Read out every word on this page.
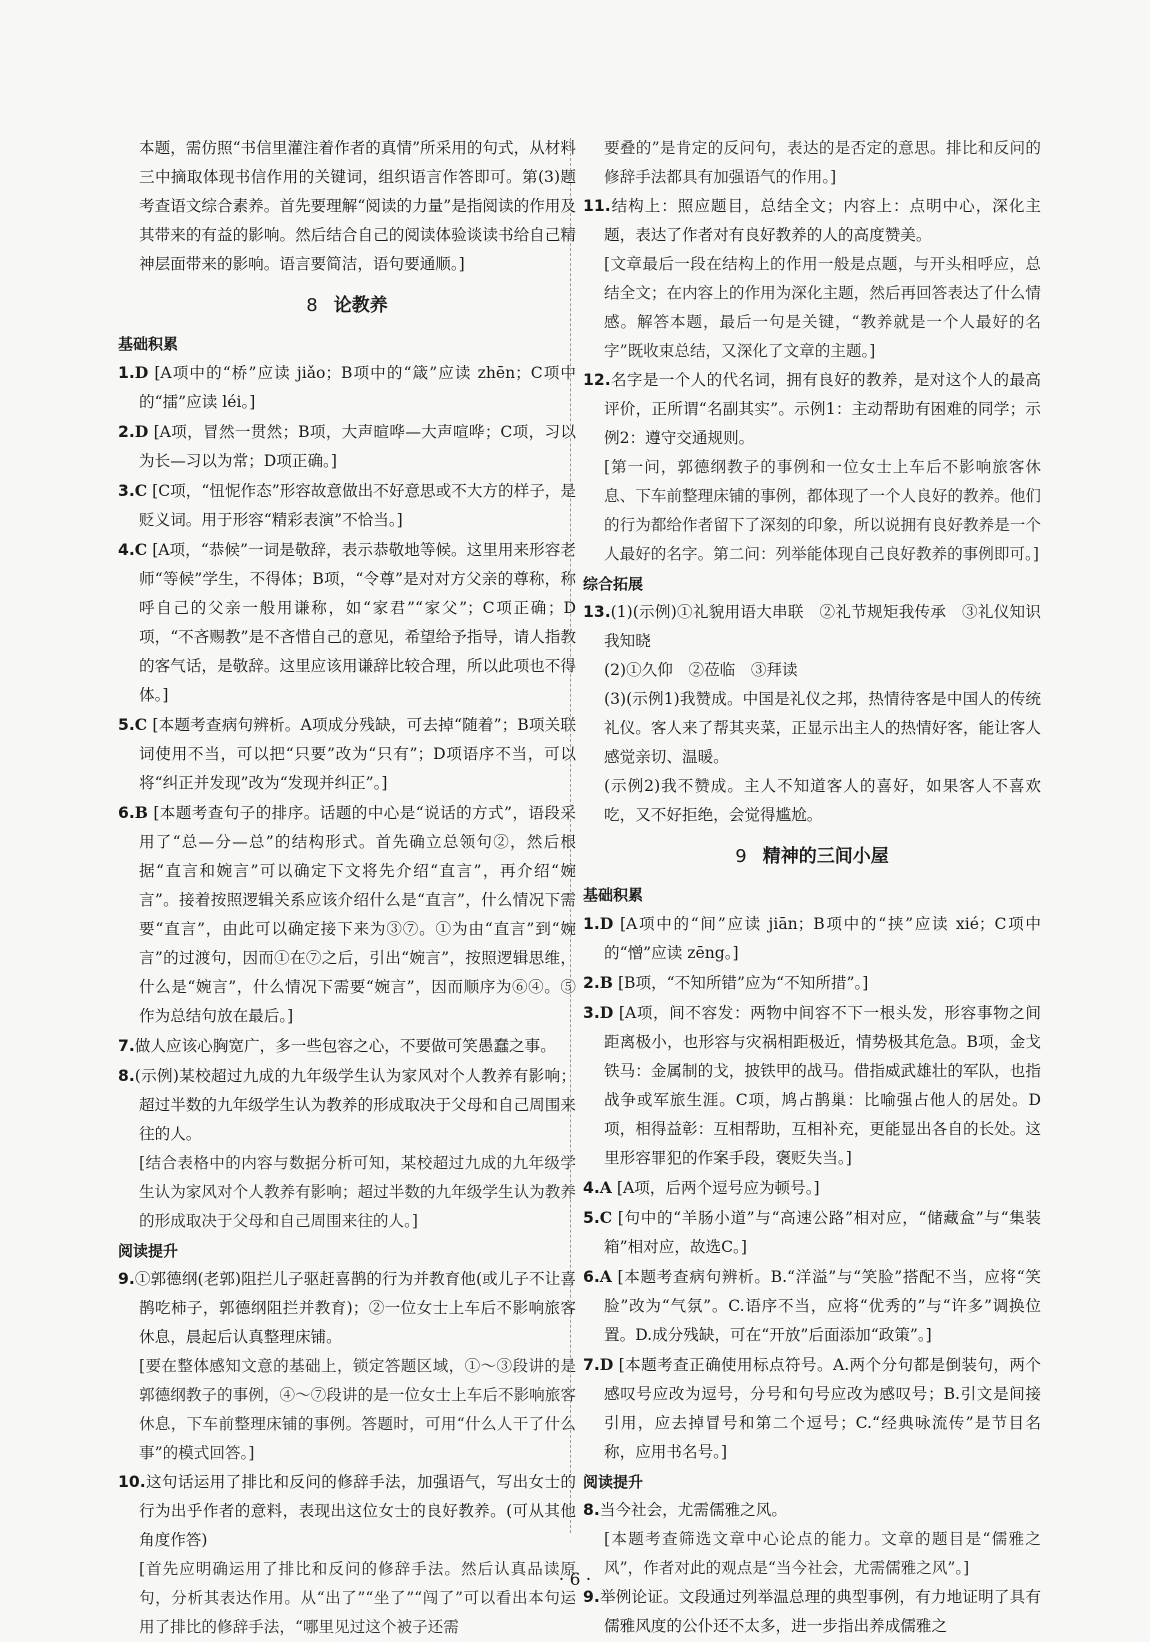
本题，需仿照“书信里灌注着作者的真情”所采用的句式，从材料三中摘取体现书信作用的关键词，组织语言作答即可。第(3)题考查语文综合素养。首先要理解“阅读的力量”是指阅读的作用及其带来的有益的影响。然后结合自己的阅读体验谈读书给自己精神层面带来的影响。语言要简洁，语句要通顺。]

8 论教养
基础积累

1.D [A项中的“桥”应读 jiǎo；B项中的“箴”应读 zhēn；C项中的“擂”应读 léi。]

2.D [A项，冒然一贯然；B项，大声暄哗—大声喧哗；C项，习以为长—习以为常；D项正确。]

3.C [C项，“忸怩作态”形容故意做出不好意思或不大方的样子，是贬义词。用于形容“精彩表演”不恰当。]

4.C [A项，“恭候”一词是敬辞，表示恭敬地等候。这里用来形容老师“等候”学生，不得体；B项，“令尊”是对对方父亲的尊称，称呼自己的父亲一般用谦称，如“家君”“家父”；C项正确；D项，“不吝赐教”是不吝惜自己的意见，希望给予指导，请人指教的客气话，是敬辞。这里应该用谦辞比较合理，所以此项也不得体。]

5.C [本题考查病句辨析。A项成分残缺，可去掉“随着”；B项关联词使用不当，可以把“只要”改为“只有”；D项语序不当，可以将“纠正并发现”改为“发现并纠正”。]

6.B [本题考查句子的排序。话题的中心是“说话的方式”，语段采用了“总—分—总”的结构形式。首先确立总领句②，然后根据“直言和婉言”可以确定下文将先介绍“直言”，再介绍“婉言”。接着按照逻辑关系应该介绍什么是“直言”，什么情况下需要“直言”，由此可以确定接下来为③⑦。①为由“直言”到“婉言”的过渡句，因而①在⑦之后，引出“婉言”，按照逻辑思维，什么是“婉言”，什么情况下需要“婉言”，因而顺序为⑥④。⑤作为总结句放在最后。]

7.做人应该心胸宽广，多一些包容之心，不要做可笑愚蠢之事。

8.(示例)某校超过九成的九年级学生认为家风对个人教养有影响；超过半数的九年级学生认为教养的形成取决于父母和自己周围来往的人。

[结合表格中的内容与数据分析可知，某校超过九成的九年级学生认为家风对个人教养有影响；超过半数的九年级学生认为教养的形成取决于父母和自己周围来往的人。]

阅读提升

9.①郭德纲(老郭)阻拦儿子驱赶喜鹊的行为并教育他(或儿子不让喜鹊吃柿子，郭德纲阻拦并教育)；②一位女士上车后不影响旅客休息，晨起后认真整理床铺。

[要在整体感知文意的基础上，锁定答题区域，①～③段讲的是郭德纲教子的事例，④～⑦段讲的是一位女士上车后不影响旅客休息，下车前整理床铺的事例。答题时，可用“什么人干了什么事”的模式回答。]

10.这句话运用了排比和反问的修辞手法，加强语气，写出女士的行为出乎作者的意料，表现出这位女士的良好教养。(可从其他角度作答)

[首先应明确运用了排比和反问的修辞手法。然后认真品读原句，分析其表达作用。从“出了”“坐了”“闯了”可以看出本句运用了排比的修辞手法，“哪里见过这个被子还需

要叠的”是肯定的反问句，表达的是否定的意思。排比和反问的修辞手法都具有加强语气的作用。]

11.结构上：照应题目，总结全文；内容上：点明中心，深化主题，表达了作者对有良好教养的人的高度赞美。

[文章最后一段在结构上的作用一般是点题，与开头相呼应，总结全文；在内容上的作用为深化主题，然后再回答表达了什么情感。解答本题，最后一句是关键，“教养就是一个人最好的名字”既收束总结，又深化了文章的主题。]

12.名字是一个人的代名词，拥有良好的教养，是对这个人的最高评价，正所谓“名副其实”。示例1：主动帮助有困难的同学；示例2：遵守交通规则。

[第一问，郭德纲教子的事例和一位女士上车后不影响旅客休息、下车前整理床铺的事例，都体现了一个人良好的教养。他们的行为都给作者留下了深刻的印象，所以说拥有良好教养是一个人最好的名字。第二问：列举能体现自己良好教养的事例即可。]

综合拓展

13.(1)(示例)①礼貌用语大串联　②礼节规矩我传承　③礼仪知识我知晓

(2)①久仰　②莅临　③拜读

(3)(示例1)我赞成。中国是礼仪之邦，热情待客是中国人的传统礼仪。客人来了帮其夹菜，正显示出主人的热情好客，能让客人感觉亲切、温暖。

(示例2)我不赞成。主人不知道客人的喜好，如果客人不喜欢吃，又不好拒绝，会觉得尴尬。

9 精神的三间小屋
基础积累

1.D [A项中的“间”应读 jiān；B项中的“挟”应读 xié；C项中的“憎”应读 zēng。]

2.B [B项，“不知所错”应为“不知所措”。]

3.D [A项，间不容发：两物中间容不下一根头发，形容事物之间距离极小，也形容与灾祸相距极近，情势极其危急。B项，金戈铁马：金属制的戈，披铁甲的战马。借指威武雄壮的军队，也指战争或军旅生涯。C项，鸠占鹊巢：比喻强占他人的居处。D项，相得益彰：互相帮助，互相补充，更能显出各自的长处。这里形容罪犯的作案手段，褒贬失当。]

4.A [A项，后两个逗号应为顿号。]

5.C [句中的“羊肠小道”与“高速公路”相对应，“储藏盒”与“集装箱”相对应，故选C。]

6.A [本题考查病句辨析。B.“洋溢”与“笑脸”搭配不当，应将“笑脸”改为“气氛”。C.语序不当，应将“优秀的”与“许多”调换位置。D.成分残缺，可在“开放”后面添加“政策”。]

7.D [本题考查正确使用标点符号。A.两个分句都是倒装句，两个感叹号应改为逗号，分号和句号应改为感叹号；B.引文是间接引用，应去掉冒号和第二个逗号；C.“经典咏流传”是节目名称，应用书名号。]

阅读提升

8.当今社会，尤需儒雅之风。

[本题考查筛选文章中心论点的能力。文章的题目是“儒雅之风”，作者对此的观点是“当今社会，尤需儒雅之风”。]

9.举例论证。文段通过列举温总理的典型事例，有力地证明了具有儒雅风度的公仆还不太多，进一步指出养成儒雅之

· 6 ·
